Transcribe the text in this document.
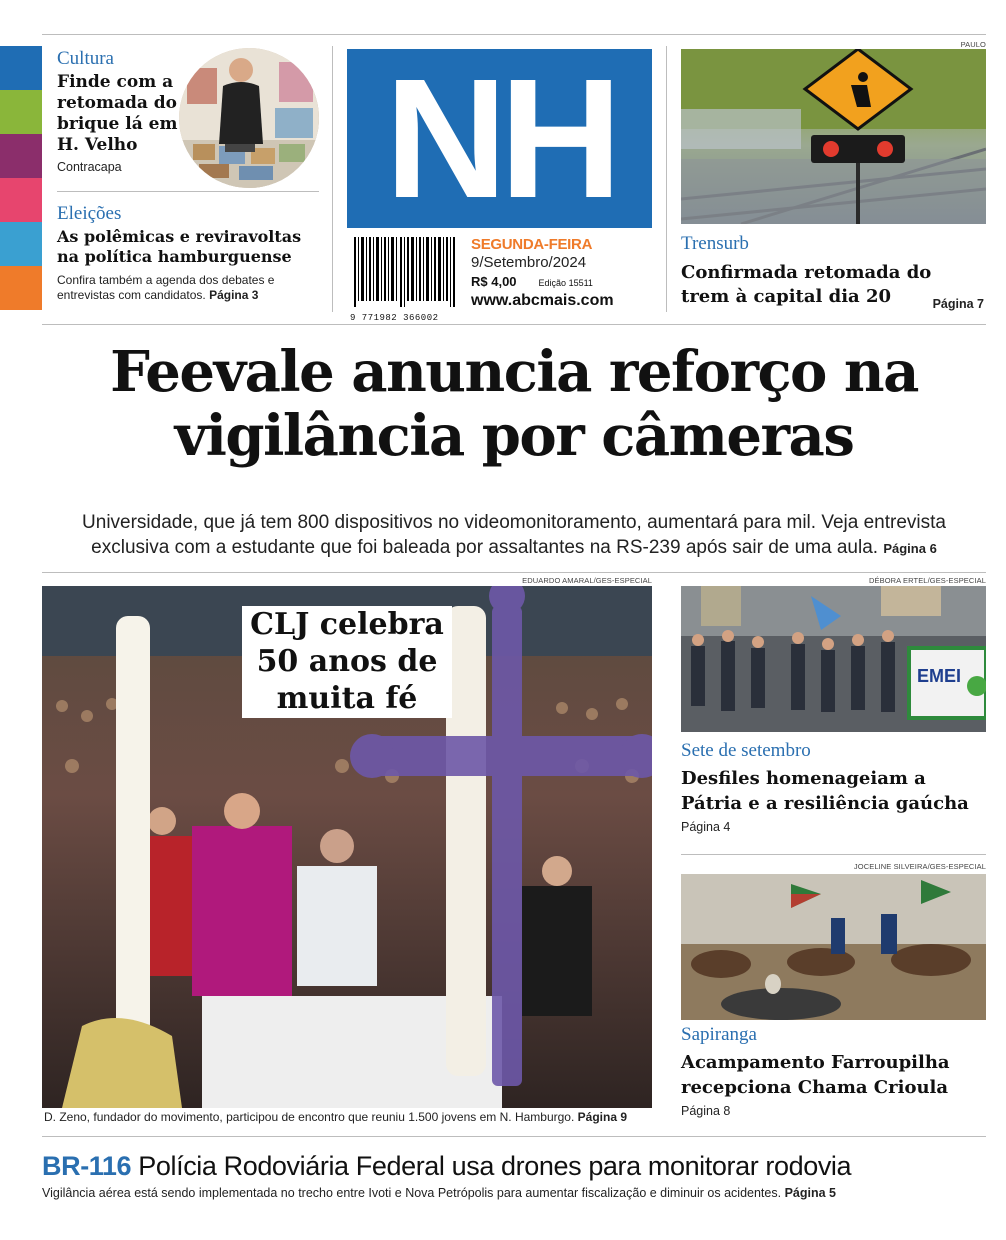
Cultura
Finde com a retomada do brique lá em H. Velho
Contracapa
Eleições
As polêmicas e reviravoltas na política hamburguense
Confira também a agenda dos debates e entrevistas com candidatos. Página 3
NH
9 771982 366002
SEGUNDA-FEIRA
9/Setembro/2024
R$ 4,00 Edição 15511
www.abcmais.com
PAULO
Trensurb
Confirmada retomada do trem à capital dia 20	Página 7
Feevale anuncia reforço na vigilância por câmeras
Universidade, que já tem 800 dispositivos no videomonitoramento, aumentará para mil. Veja entrevista exclusiva com a estudante que foi baleada por assaltantes na RS-239 após sair de uma aula. Página 6
EDUARDO AMARAL/GES-ESPECIAL
CLJ celebra
50 anos de
muita fé
D. Zeno, fundador do movimento, participou de encontro que reuniu 1.500 jovens em N. Hamburgo. Página 9
DÉBORA ERTEL/GES-ESPECIAL
EMEI
Sete de setembro
Desfiles homenageiam a Pátria e a resiliência gaúcha
Página 4
JOCELINE SILVEIRA/GES-ESPECIAL
Sapiranga
Acampamento Farroupilha recepciona Chama Crioula
Página 8
BR-116 Polícia Rodoviária Federal usa drones para monitorar rodovia
Vigilância aérea está sendo implementada no trecho entre Ivoti e Nova Petrópolis para aumentar fiscalização e diminuir os acidentes. Página 5
